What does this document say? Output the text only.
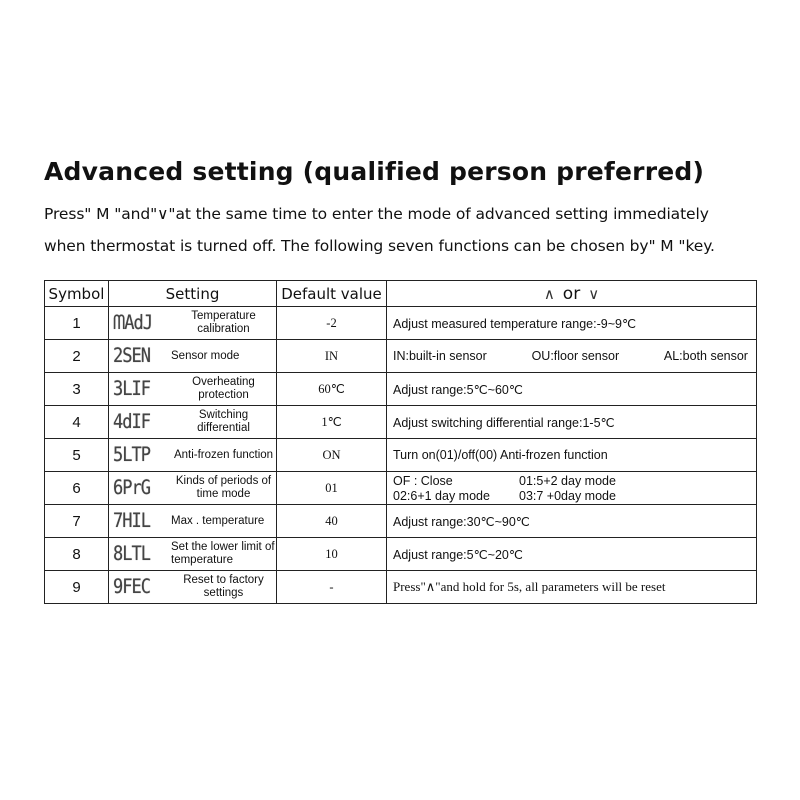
Advanced setting (qualified person preferred)
Press" M "and"∨"at the same time to enter the mode of advanced setting immediately
when thermostat is turned off. The following seven functions can be chosen by" M "key.
Symbol	Setting	Default value	∧ or ∨

1	ᗰAdJ Temperature calibration	-2	Adjust measured temperature range:-9~9℃
2	2SEN Sensor mode	IN	IN:built-in sensor OU:floor sensor AL:both sensor

3	3LIF Overheating protection	60℃	Adjust range:5℃~60℃
4	4dIF Switching differential	1℃	Adjust switching differential range:1-5℃
5	5LTP Anti-frozen function	ON	Turn on(01)/off(00) Anti-frozen function
6	6PrG Kinds of periods of time mode	01	OF : Close 01:5+2 day mode
02:6+1 day mode 03:7 +0day mode

7	7HIL Max . temperature	40	Adjust range:30℃~90℃
8	8LTL Set the lower limit of temperature	10	Adjust range:5℃~20℃
9	9FEC Reset to factory settings	-	Press"∧"and hold for 5s, all parameters will be reset
